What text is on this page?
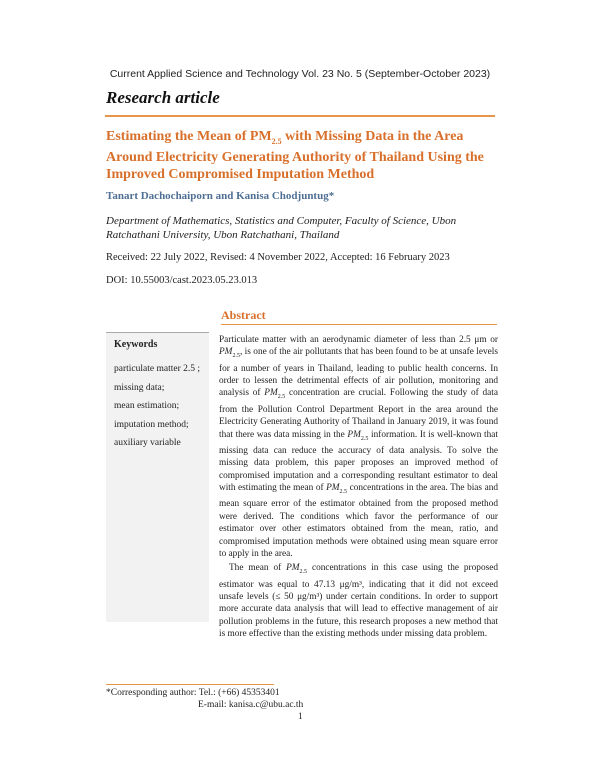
Current Applied Science and Technology Vol. 23 No. 5 (September-October 2023)
Research article
Estimating the Mean of $PM_{2.5}$ with Missing Data in the Area Around Electricity Generating Authority of Thailand Using the Improved Compromised Imputation Method
Tanart Dachochaiporn and Kanisa Chodjuntug*
Department of Mathematics, Statistics and Computer, Faculty of Science, Ubon Ratchathani University, Ubon Ratchathani, Thailand
Received: 22 July 2022, Revised: 4 November 2022, Accepted: 16 February 2023
DOI: 10.55003/cast.2023.05.23.013
Abstract
Keywords
particulate matter 2.5 ;
missing data;
mean estimation;
imputation method;
auxiliary variable

Particulate matter with an aerodynamic diameter of less than 2.5 μm or $PM_{2.5}$, is one of the air pollutants that has been found to be at unsafe levels for a number of years in Thailand, leading to public health concerns. In order to lessen the detrimental effects of air pollution, monitoring and analysis of $PM_{2.5}$ concentration are crucial. Following the study of data from the Pollution Control Department Report in the area around the Electricity Generating Authority of Thailand in January 2019, it was found that there was data missing in the $PM_{2.5}$ information. It is well-known that missing data can reduce the accuracy of data analysis. To solve the missing data problem, this paper proposes an improved method of compromised imputation and a corresponding resultant estimator to deal with estimating the mean of $PM_{2.5}$ concentrations in the area. The bias and mean square error of the estimator obtained from the proposed method were derived. The conditions which favor the performance of our estimator over other estimators obtained from the mean, ratio, and compromised imputation methods were obtained using mean square error to apply in the area.

The mean of $PM_{2.5}$ concentrations in this case using the proposed estimator was equal to 47.13 μg/m³, indicating that it did not exceed unsafe levels (≤ 50 μg/m³) under certain conditions. In order to support more accurate data analysis that will lead to effective management of air pollution problems in the future, this research proposes a new method that is more effective than the existing methods under missing data problem.

*Corresponding author: Tel.: (+66) 45353401
E-mail: kanisa.c@ubu.ac.th
1
